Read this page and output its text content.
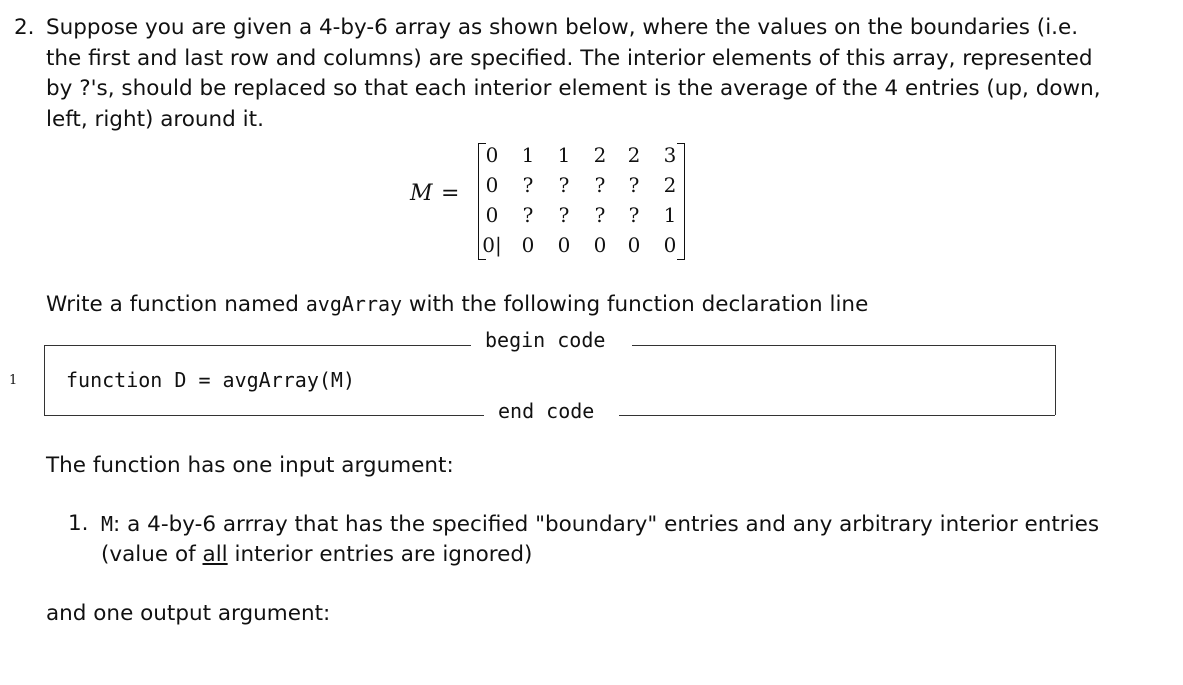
2. Suppose you are given a 4-by-6 array as shown below, where the values on the boundaries (i.e.
the first and last row and columns) are specified. The interior elements of this array, represented
by ?'s, should be replaced so that each interior element is the average of the 4 entries (up, down,
left, right) around it.
M =
0	1	1	2	2	3
0	?	?	?	?	2
0	?	?	?	?	1
0| 0	0	0	0	0
Write a function named avgArray with the following function declaration line
begin code
1 function D = avgArray(M)
end code
The function has one input argument:
1. M: a 4-by-6 arrray that has the specified "boundary" entries and any arbitrary interior entries
(value of all interior entries are ignored)
and one output argument:
